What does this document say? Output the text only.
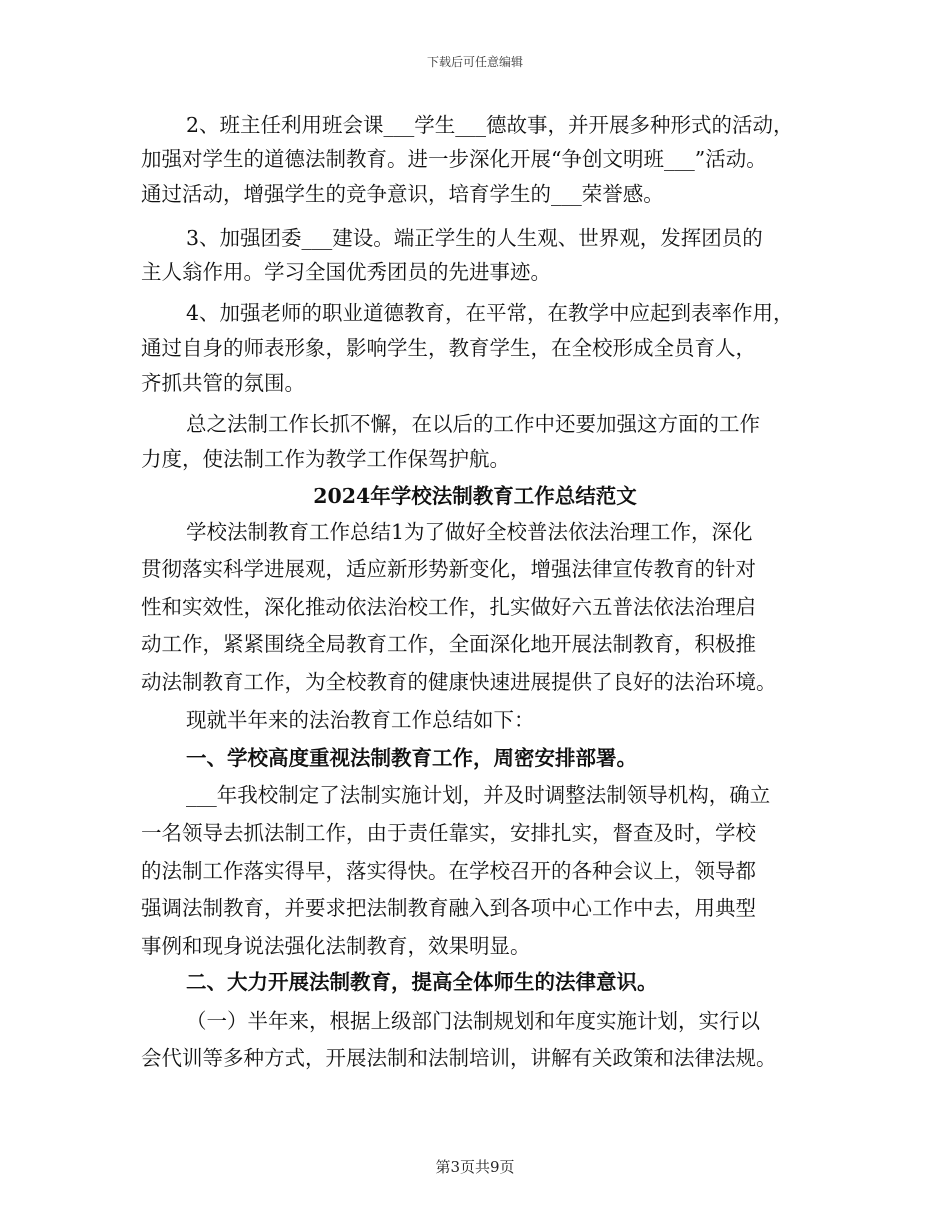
下载后可任意编辑
2、班主任利用班会课___学生___德故事，并开展多种形式的活动，
加强对学生的道德法制教育。进一步深化开展“争创文明班___”活动。
通过活动，增强学生的竞争意识，培育学生的___荣誉感。
3、加强团委___建设。端正学生的人生观、世界观，发挥团员的
主人翁作用。学习全国优秀团员的先进事迹。
4、加强老师的职业道德教育，在平常，在教学中应起到表率作用，
通过自身的师表形象，影响学生，教育学生，在全校形成全员育人，
齐抓共管的氛围。
总之法制工作长抓不懈，在以后的工作中还要加强这方面的工作
力度，使法制工作为教学工作保驾护航。
2024年学校法制教育工作总结范文
学校法制教育工作总结1为了做好全校普法依法治理工作，深化
贯彻落实科学进展观，适应新形势新变化，增强法律宣传教育的针对
性和实效性，深化推动依法治校工作，扎实做好六五普法依法治理启
动工作，紧紧围绕全局教育工作，全面深化地开展法制教育，积极推
动法制教育工作，为全校教育的健康快速进展提供了良好的法治环境。
现就半年来的法治教育工作总结如下：
一、学校高度重视法制教育工作，周密安排部署。
___年我校制定了法制实施计划，并及时调整法制领导机构，确立
一名领导去抓法制工作，由于责任靠实，安排扎实，督查及时，学校
的法制工作落实得早，落实得快。在学校召开的各种会议上，领导都
强调法制教育，并要求把法制教育融入到各项中心工作中去，用典型
事例和现身说法强化法制教育，效果明显。
二、大力开展法制教育，提高全体师生的法律意识。
（一）半年来，根据上级部门法制规划和年度实施计划，实行以
会代训等多种方式，开展法制和法制培训，讲解有关政策和法律法规。
第3页共9页
